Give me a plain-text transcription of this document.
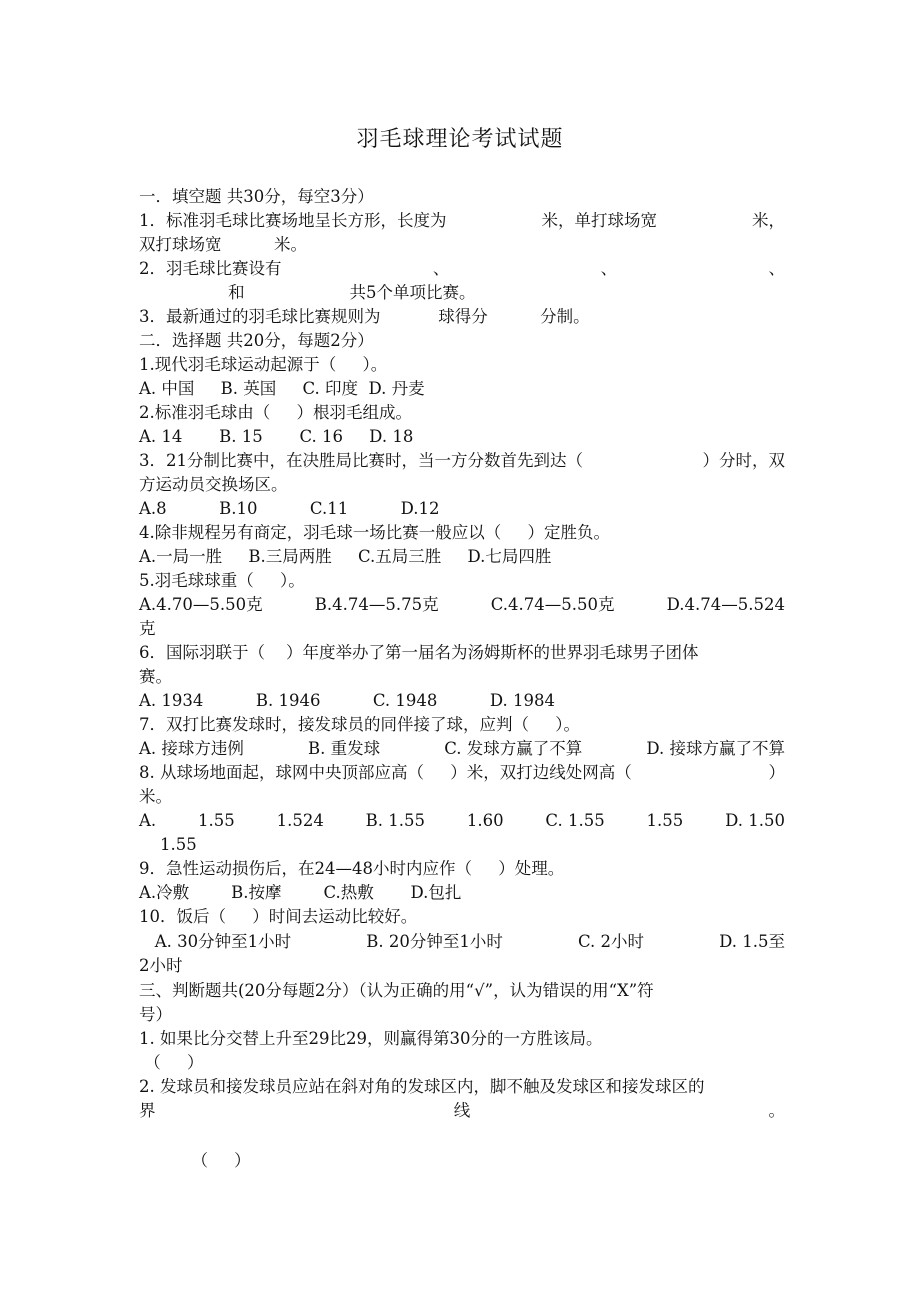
羽毛球理论考试试题
一．填空题 共30分，每空3分）
1．标准羽毛球比赛场地呈长方形，长度为	米，单打球场宽	米，
双打球场宽          米。
2．羽毛球比赛设有	、	、	、
和                    共5个单项比赛。
3．最新通过的羽毛球比赛规则为           球得分          分制。
二．选择题 共20分，每题2分）
1.现代羽毛球运动起源于（     ）。
A. 中国     B. 英国     C. 印度  D. 丹麦
2.标准羽毛球由（     ）根羽毛组成。
A. 14       B. 15       C. 16     D. 18
3．21分制比赛中，在决胜局比赛时，当一方分数首先到达（	）分时，双
方运动员交换场区。
A.8          B.10          C.11          D.12
4.除非规程另有商定，羽毛球一场比赛一般应以（     ）定胜负。
A.一局一胜     B.三局两胜     C.五局三胜     D.七局四胜
5.羽毛球球重（     ）。
A.4.70—5.50克	B.4.74—5.75克	C.4.74—5.50克	D.4.74—5.524
克
6．国际羽联于（    ）年度举办了第一届名为汤姆斯杯的世界羽毛球男子团体
赛。
A. 1934          B. 1946          C. 1948          D. 1984
7．双打比赛发球时，接发球员的同伴接了球，应判（     ）。
A. 接球方违例	B. 重发球	C. 发球方赢了不算	D. 接球方赢了不算
8. 从球场地面起，球网中央顶部应高（     ）米，双打边线处网高（	）
米。
A.	1.55	1.524	B. 1.55	1.60	C. 1.55	1.55	D. 1.50
1.55
9．急性运动损伤后，在24—48小时内应作（     ）处理。
A.冷敷        B.按摩        C.热敷       D.包扎
10．饭后（     ）时间去运动比较好。
A. 30分钟至1小时	B. 20分钟至1小时	C. 2小时	D. 1.5至
2小时
三、判断题共(20分每题2分）（认为正确的用“√”，认为错误的用“X”符
号）
1. 如果比分交替上升至29比29，则赢得第30分的一方胜该局。
（     ）
2. 发球员和接发球员应站在斜对角的发球区内，脚不触及发球区和接发球区的
界	线	。
（     ）
